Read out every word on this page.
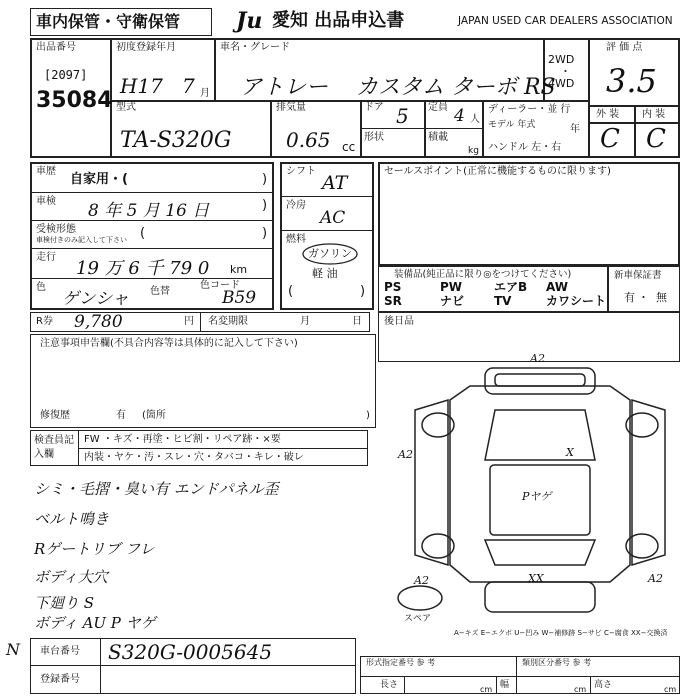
車内保管・守衛保管	Ju 愛知 出品申込書	JAPAN USED CAR DEALERS ASSOCIATION
出品番号
[2097]
35084
初度登録年月
H17 7 月
車名・グレード
アトレー カスタム ターボ RS
2WD
・
4WD
評 価 点
3.5
外 装 内 装
C C
型式
TA-S320G
排気量
0.65 cc
ドア 5
形状
定員 4 人
積載
kg
ディーラー・並 行
モデル 年式	年
ハンドル 左・右
車歴
自家用・(	)
車検 8 年 5 月 16 日	)
受検形態
車検付きのみ記入して下さい (	)
走行
19 万 6 千 79 0 km
色
ゲンシャ 色替
色コード
B59
R券 9,780	円 名変期限	月	日
シフト
AT
冷房
AC
燃料
ガソリン
軽 油
(	)
セールスポイント(正常に機能するものに限ります)
装備品(純正品に限り◎をつけてください)
PS	PW	エアB AW
SR	ナビ TV	カワシート
新車保証書
有 ・ 無
後日品
注意事項申告欄(不具合内容等は具体的に記入して下さい)
修復歴	有 (箇所	)
検査員記入欄
FW ・キズ・再塗・ヒビ割・リペア跡・×要
内装・ヤケ・汚・スレ・穴・タバコ・キレ・破レ
シミ・毛摺・臭い有 エンドパネル歪
ベルト鳴き
Rゲートリブ フレ
ボディ大穴
下廻り S
ボディ AU P ヤゲ
A2
A2	X
Pヤゲ
A2	XX	A2
スペア
A−キズ E−エクボ U−凹み W−補修跡 S−サビ C−腐食 XX−交換済
車台番号 S320G-0005645
登録番号
N
形式指定番号 参 考	類別区分番号 参 考
長さ	cm 幅	cm 高さ	cm
